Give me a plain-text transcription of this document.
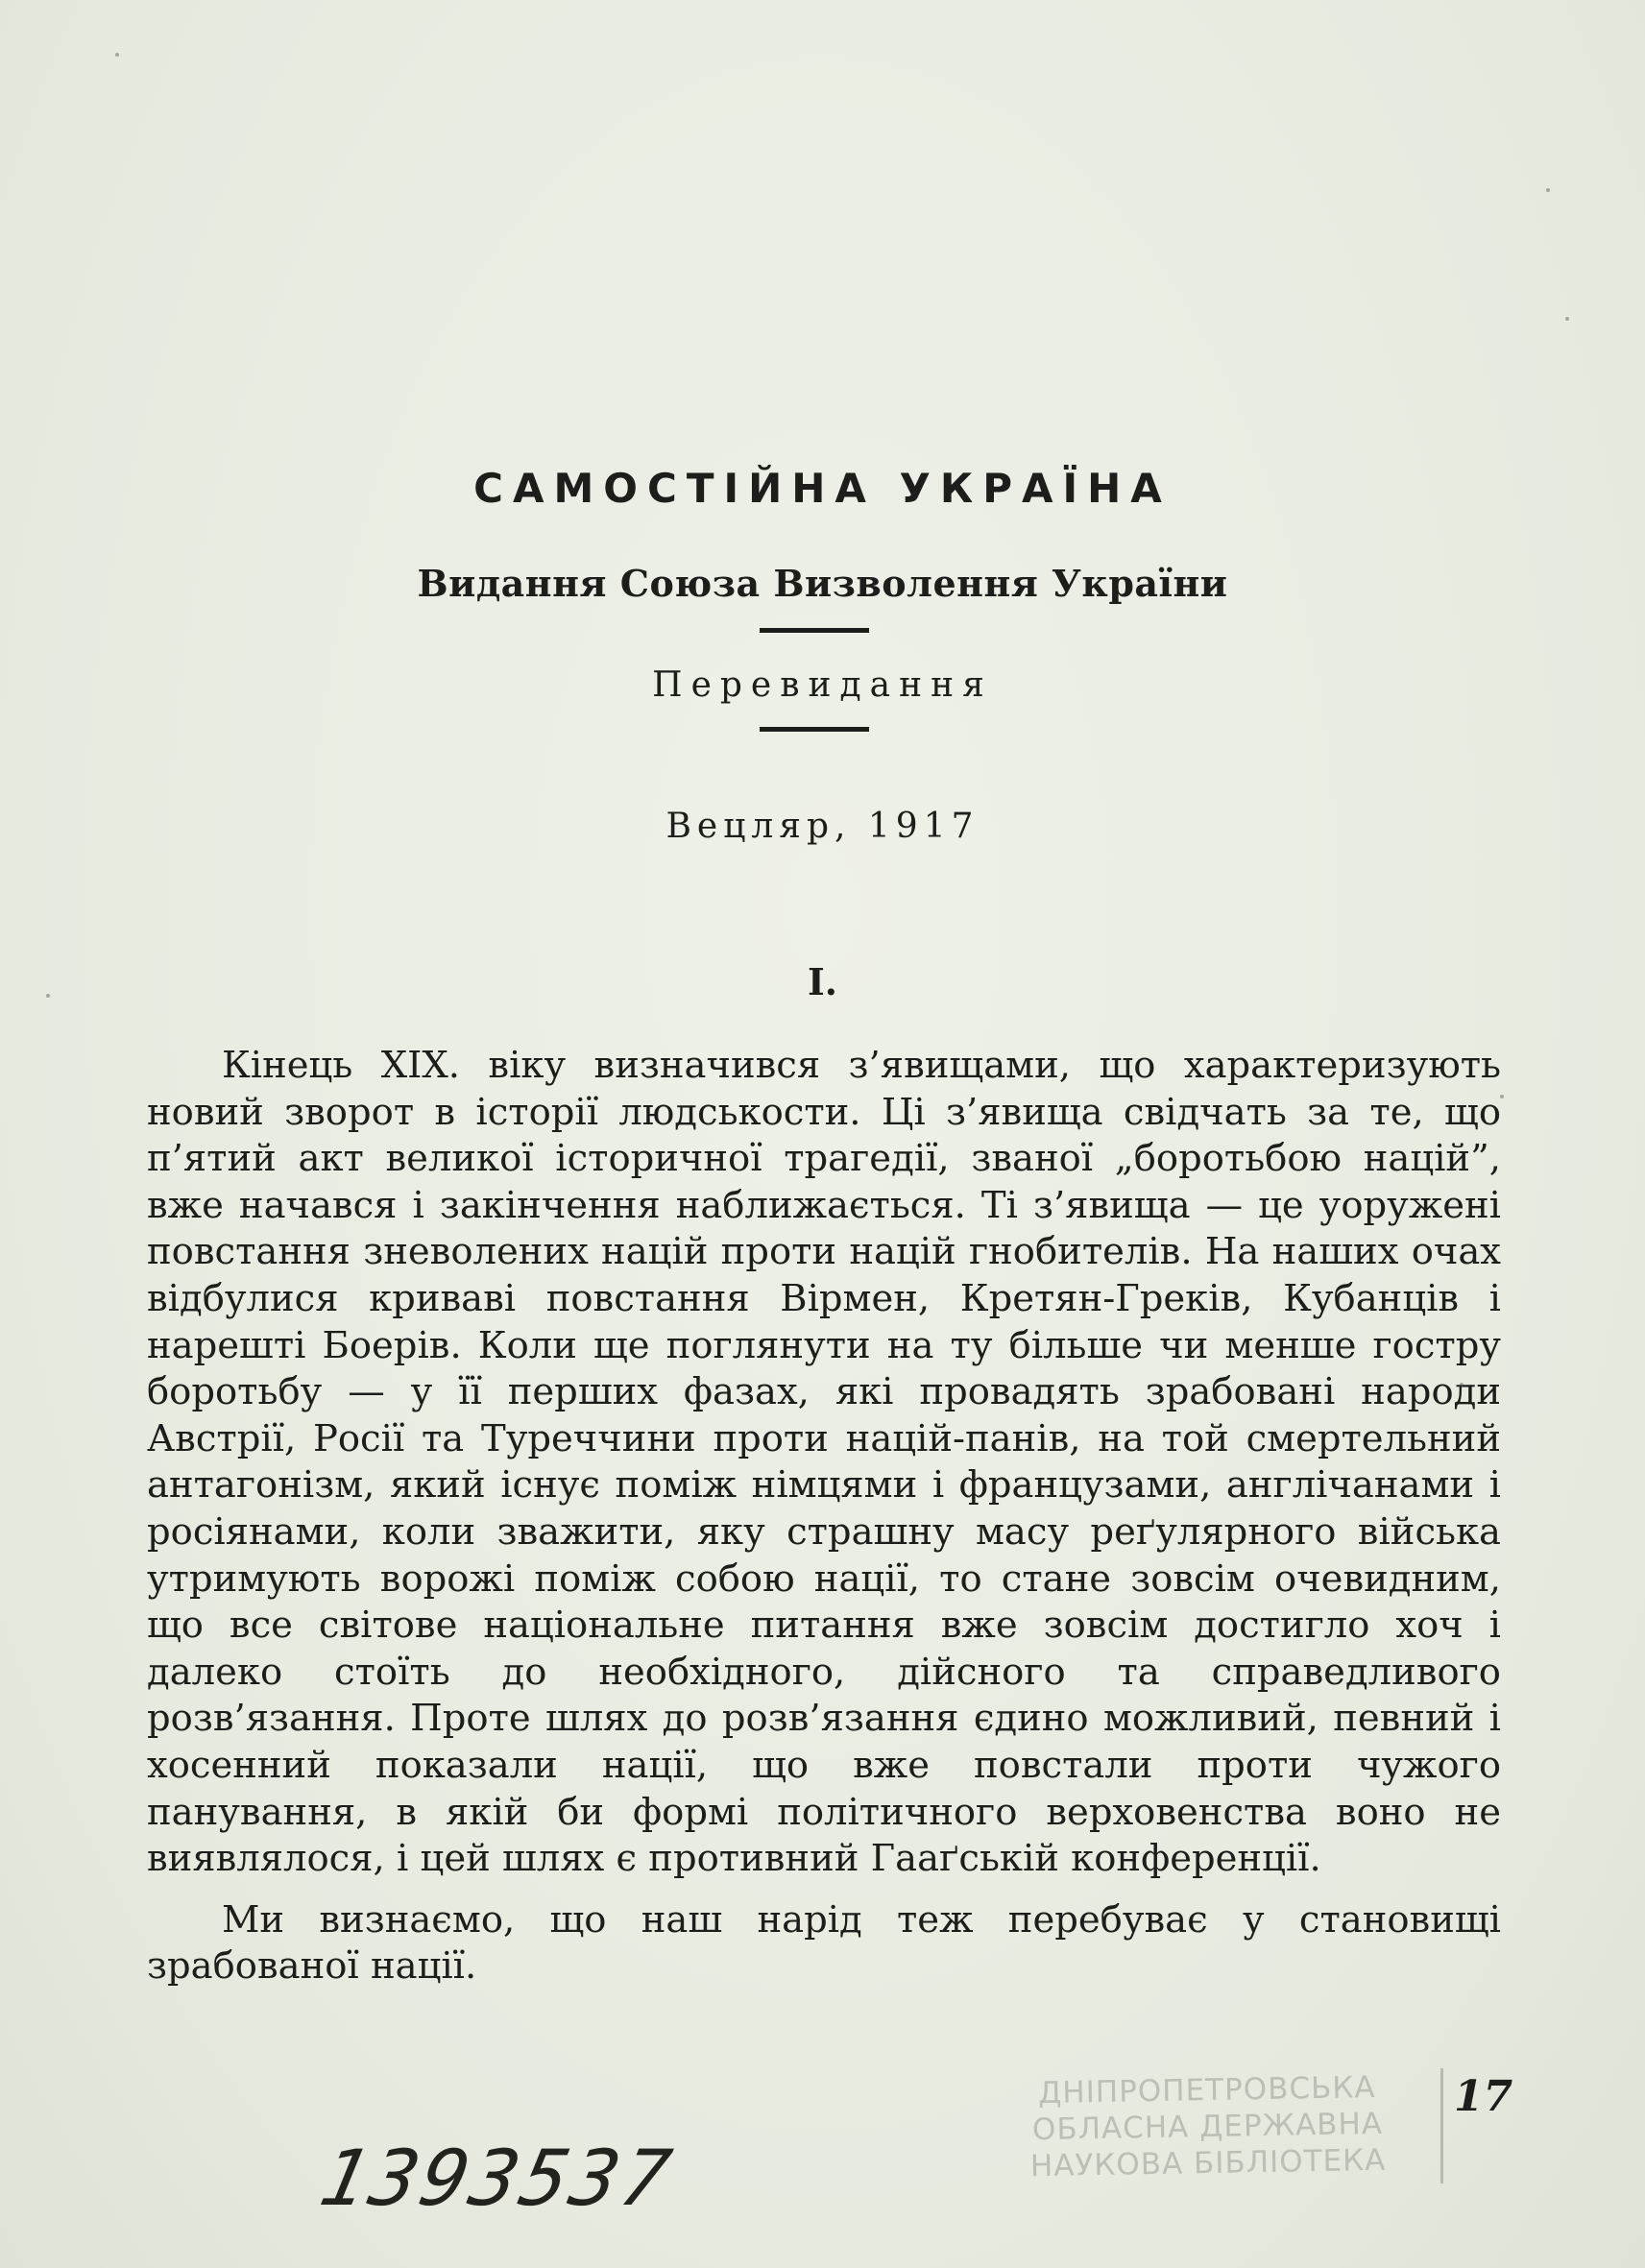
САМОСТІЙНА УКРАЇНА
Видання Союза Визволення України
Перевидання
Вецляр, 1917
I.

Кінець XIX. віку визначився з’явищами, що характеризують новий зворот в історії людськости. Ці з’явища свідчать за те, що п’ятий акт великої історичної трагедії, званої „боротьбою націй”, вже начався і закінчення наближається. Ті з’явища — це уоружені повстання зневолених націй проти націй гнобителів. На наших очах відбулися криваві повстання Вірмен, Кретян-Греків, Кубанців і нарешті Боерів. Коли ще поглянути на ту більше чи менше гостру боротьбу — у її перших фазах, які провадять зрабовані народи Австрії, Росії та Туреччини проти націй-панів, на той смертельний антагонізм, який існує поміж німцями і французами, англічанами і росіянами, коли зважити, яку страшну масу реґулярного війська утримують ворожі поміж собою нації, то стане зовсім очевидним, що все світове національне питання вже зовсім достигло хоч і далеко стоїть до необхідного, дійсного та справедливого розв’язання. Проте шлях до розв’язання єдино можливий, певний і хосенний показали нації, що вже повстали проти чужого панування, в якій би формі політичного верховенства воно не виявлялося, і цей шлях є противний Гааґській конференції.

Ми визнаємо, що наш нарід теж перебуває у становищі зрабованої нації.

ДНІПРОПЕТРОВСЬКА
ОБЛАСНА ДЕРЖАВНА
НАУКОВА БІБЛІОТЕКА
17
1393537
